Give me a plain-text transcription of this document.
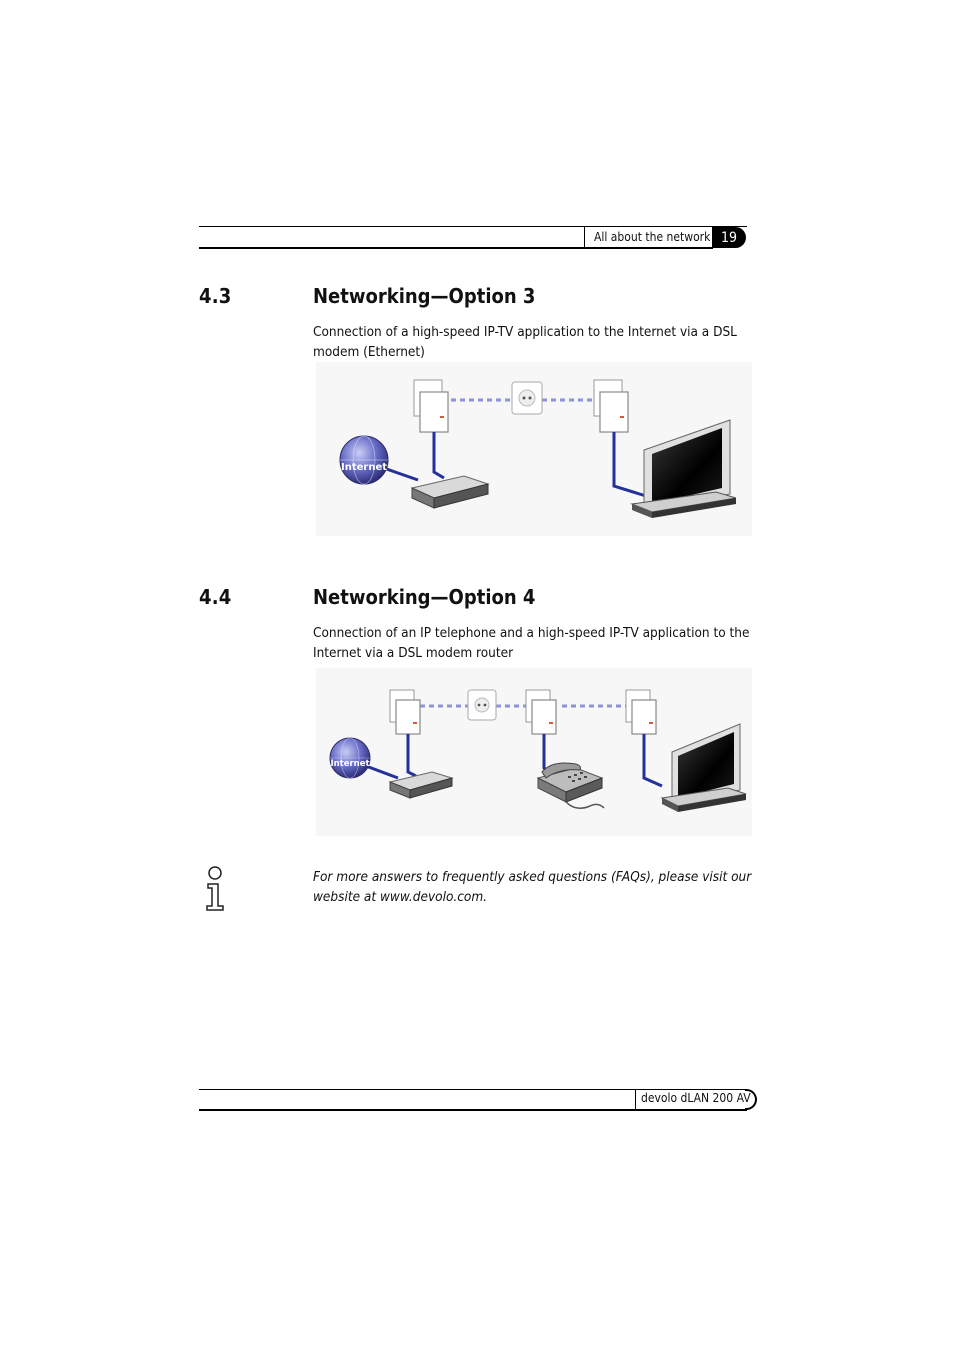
All about the network 19
4.3	Networking—Option 3
Connection of a high-speed IP-TV application to the Internet via a DSL modem (Ethernet)
Internet
4.4	Networking—Option 4
Connection of an IP telephone and a high-speed IP-TV application to the Internet via a DSL modem router
Internet
For more answers to frequently asked questions (FAQs), please visit our website at www.devolo.com.
devolo dLAN 200 AV
